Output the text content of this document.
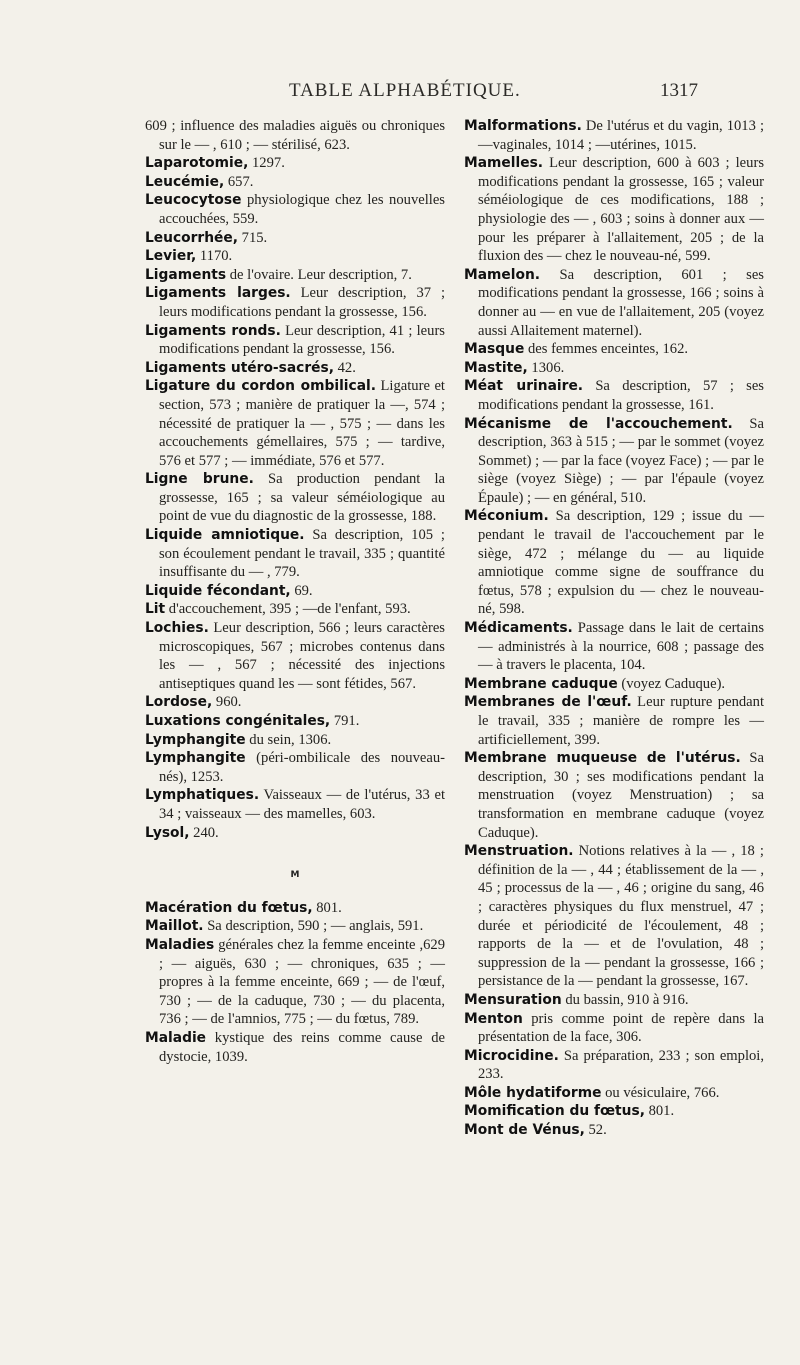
TABLE ALPHABÉTIQUE.	1317

609 ; influence des maladies aiguës ou chroniques sur le — , 610 ; — stérilisé, 623.

Laparotomie, 1297.

Leucémie, 657.

Leucocytose physiologique chez les nouvelles accouchées, 559.

Leucorrhée, 715.

Levier, 1170.

Ligaments de l'ovaire. Leur description, 7.

Ligaments larges. Leur description, 37 ; leurs modifications pendant la grossesse, 156.

Ligaments ronds. Leur description, 41 ; leurs modifications pendant la grossesse, 156.

Ligaments utéro-sacrés, 42.

Ligature du cordon ombilical. Ligature et section, 573 ; manière de pratiquer la —, 574 ; nécessité de pratiquer la — , 575 ; — dans les accouchements gémellaires, 575 ; — tardive, 576 et 577 ; — immédiate, 576 et 577.

Ligne brune. Sa production pendant la grossesse, 165 ; sa valeur séméiologique au point de vue du diagnostic de la grossesse, 188.

Liquide amniotique. Sa description, 105 ; son écoulement pendant le travail, 335 ; quantité insuffisante du — , 779.

Liquide fécondant, 69.

Lit d'accouchement, 395 ; —de l'enfant, 593.

Lochies. Leur description, 566 ; leurs caractères microscopiques, 567 ; microbes contenus dans les — , 567 ; nécessité des injections antiseptiques quand les — sont fétides, 567.

Lordose, 960.

Luxations congénitales, 791.

Lymphangite du sein, 1306.

Lymphangite (péri-ombilicale des nouveau-nés), 1253.

Lymphatiques. Vaisseaux — de l'utérus, 33 et 34 ; vaisseaux — des mamelles, 603.

Lysol, 240.

M

Macération du fœtus, 801.

Maillot. Sa description, 590 ; — anglais, 591.

Maladies générales chez la femme enceinte ,629 ; — aiguës, 630 ; — chroniques, 635 ; — propres à la femme enceinte, 669 ; — de l'œuf, 730 ; — de la caduque, 730 ; — du placenta, 736 ; — de l'amnios, 775 ; — du fœtus, 789.

Maladie kystique des reins comme cause de dystocie, 1039.

Malformations. De l'utérus et du vagin, 1013 ; —vaginales, 1014 ; —utérines, 1015.

Mamelles. Leur description, 600 à 603 ; leurs modifications pendant la grossesse, 165 ; valeur séméiologique de ces modifications, 188 ; physiologie des — , 603 ; soins à donner aux — pour les préparer à l'allaitement, 205 ; de la fluxion des — chez le nouveau-né, 599.

Mamelon. Sa description, 601 ; ses modifications pendant la grossesse, 166 ; soins à donner au — en vue de l'allaitement, 205 (voyez aussi Allaitement maternel).

Masque des femmes enceintes, 162.

Mastite, 1306.

Méat urinaire. Sa description, 57 ; ses modifications pendant la grossesse, 161.

Mécanisme de l'accouchement. Sa description, 363 à 515 ; — par le sommet (voyez Sommet) ; — par la face (voyez Face) ; — par le siège (voyez Siège) ; — par l'épaule (voyez Épaule) ; — en général, 510.

Méconium. Sa description, 129 ; issue du — pendant le travail de l'accouchement par le siège, 472 ; mélange du — au liquide amniotique comme signe de souffrance du fœtus, 578 ; expulsion du — chez le nouveau-né, 598.

Médicaments. Passage dans le lait de certains — administrés à la nourrice, 608 ; passage des — à travers le placenta, 104.

Membrane caduque (voyez Caduque).

Membranes de l'œuf. Leur rupture pendant le travail, 335 ; manière de rompre les — artificiellement, 399.

Membrane muqueuse de l'utérus. Sa description, 30 ; ses modifications pendant la menstruation (voyez Menstruation) ; sa transformation en membrane caduque (voyez Caduque).

Menstruation. Notions relatives à la — , 18 ; définition de la — , 44 ; établissement de la — , 45 ; processus de la — , 46 ; origine du sang, 46 ; caractères physiques du flux menstruel, 47 ; durée et périodicité de l'écoulement, 48 ; rapports de la — et de l'ovulation, 48 ; suppression de la — pendant la grossesse, 166 ; persistance de la — pendant la grossesse, 167.

Mensuration du bassin, 910 à 916.

Menton pris comme point de repère dans la présentation de la face, 306.

Microcidine. Sa préparation, 233 ; son emploi, 233.

Môle hydatiforme ou vésiculaire, 766.

Momification du fœtus, 801.

Mont de Vénus, 52.
